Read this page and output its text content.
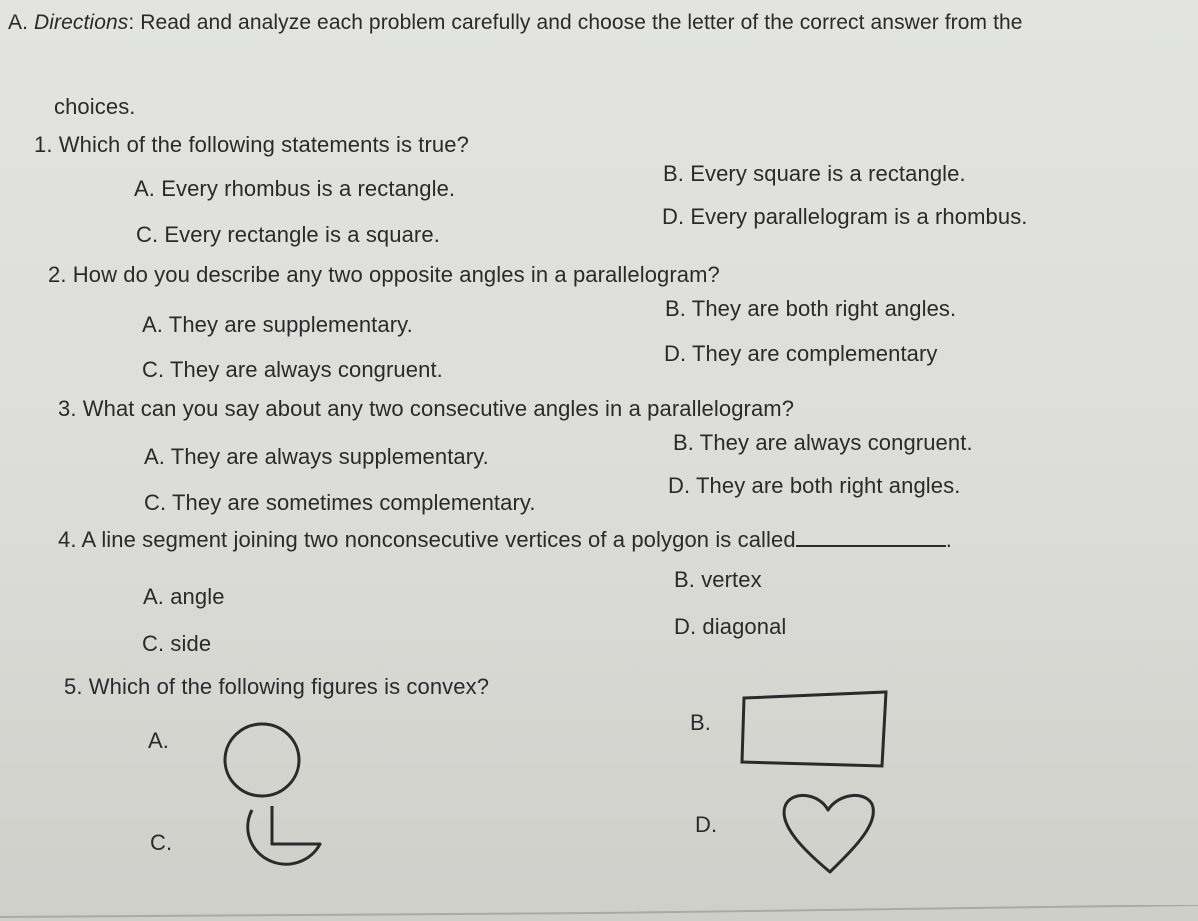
A. Directions: Read and analyze each problem carefully and choose the letter of the correct answer from the
choices.
1. Which of the following statements is true?
A. Every rhombus is a rectangle.
B. Every square is a rectangle.
C. Every rectangle is a square.
D. Every parallelogram is a rhombus.
2. How do you describe any two opposite angles in a parallelogram?
A. They are supplementary.
B. They are both right angles.
C. They are always congruent.
D. They are complementary
3. What can you say about any two consecutive angles in a parallelogram?
A. They are always supplementary.
B. They are always congruent.
C. They are sometimes complementary.
D. They are both right angles.
4. A line segment joining two nonconsecutive vertices of a polygon is called	.
A. angle
B. vertex
C. side
D. diagonal
5. Which of the following figures is convex?
A.
B.
C.
D.
